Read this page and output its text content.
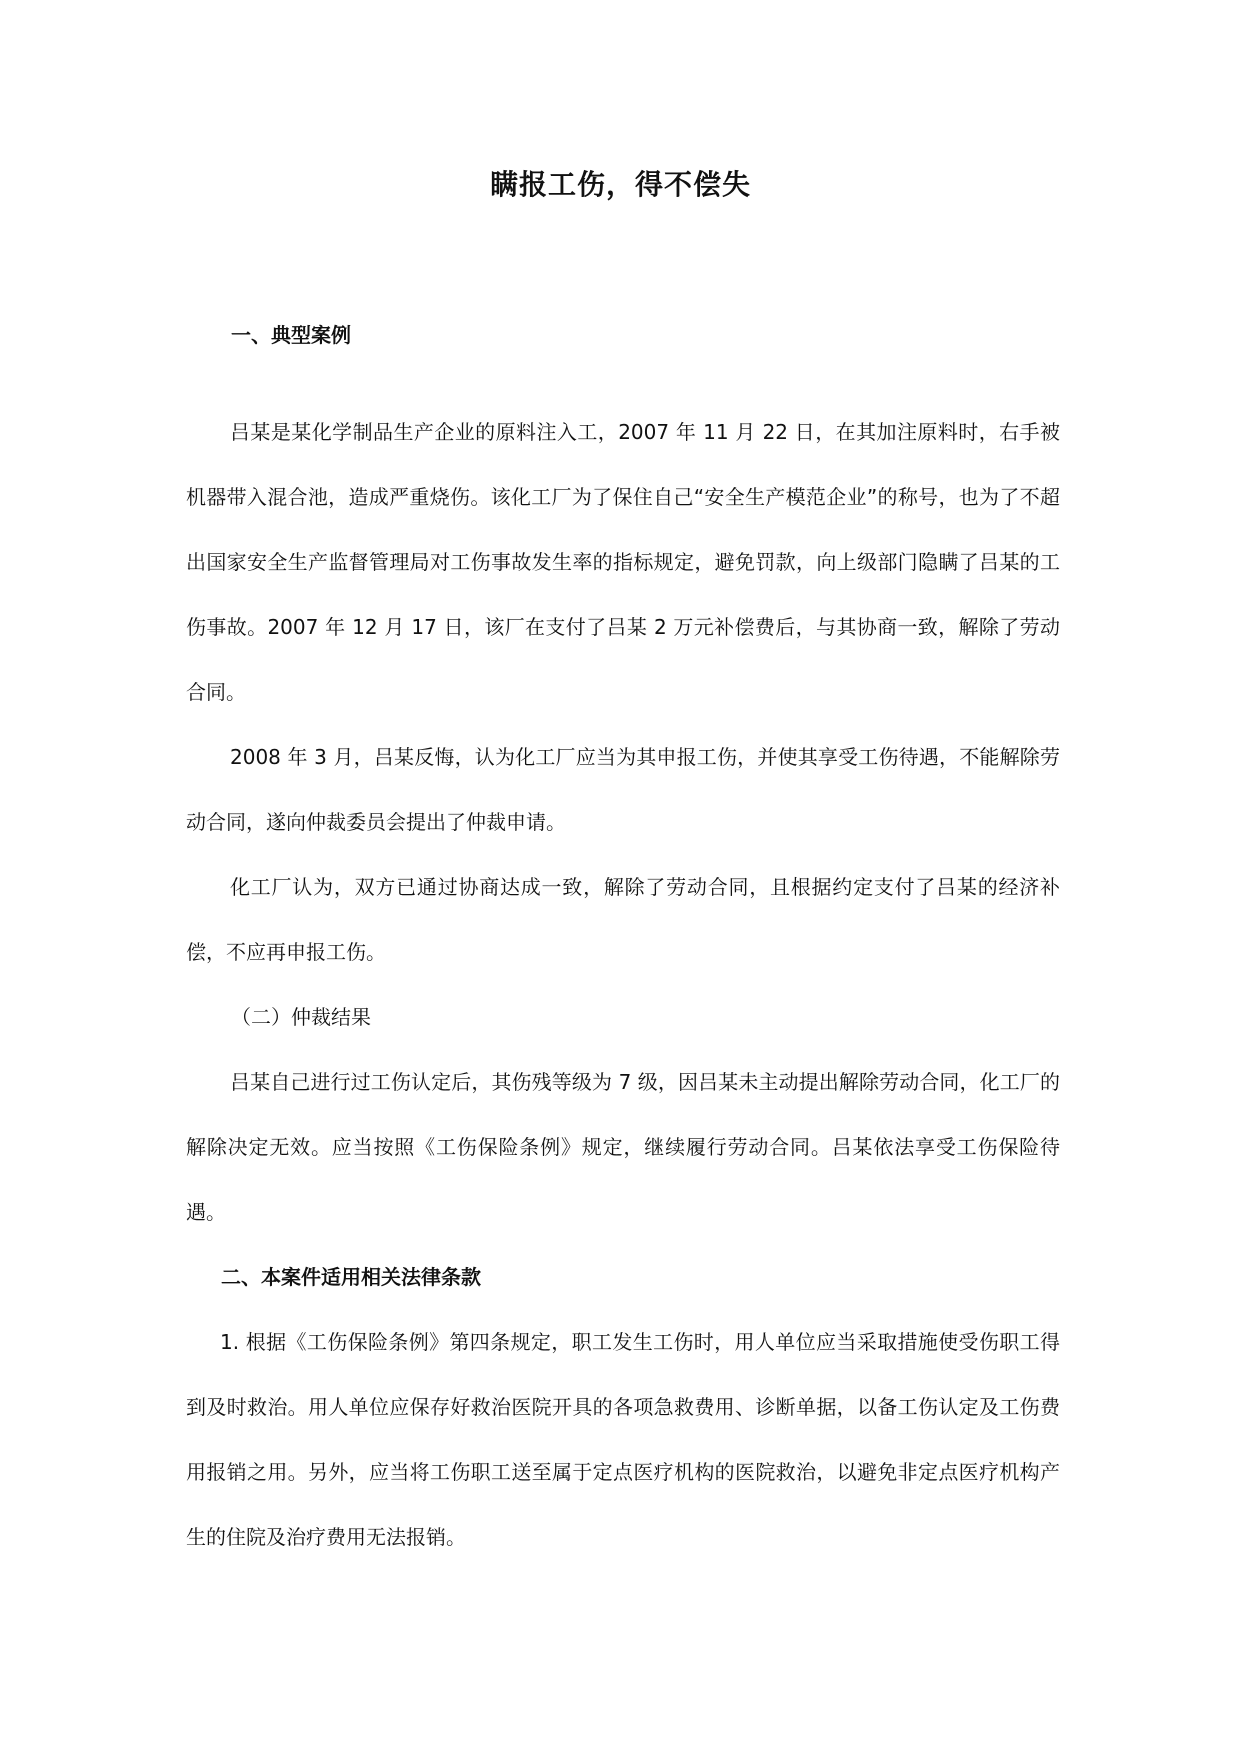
瞒报工伤，得不偿失
一、典型案例

吕某是某化学制品生产企业的原料注入工，2007 年 11 月 22 日，在其加注原料时，右手被机器带入混合池，造成严重烧伤。该化工厂为了保住自己“安全生产模范企业”的称号，也为了不超出国家安全生产监督管理局对工伤事故发生率的指标规定，避免罚款，向上级部门隐瞒了吕某的工伤事故。2007 年 12 月 17 日，该厂在支付了吕某 2 万元补偿费后，与其协商一致，解除了劳动合同。

2008 年 3 月，吕某反悔，认为化工厂应当为其申报工伤，并使其享受工伤待遇，不能解除劳动合同，遂向仲裁委员会提出了仲裁申请。

化工厂认为，双方已通过协商达成一致，解除了劳动合同，且根据约定支付了吕某的经济补偿，不应再申报工伤。

（二）仲裁结果

吕某自己进行过工伤认定后，其伤残等级为 7 级，因吕某未主动提出解除劳动合同，化工厂的解除决定无效。应当按照《工伤保险条例》规定，继续履行劳动合同。吕某依法享受工伤保险待遇。

二、本案件适用相关法律条款

1. 根据《工伤保险条例》第四条规定，职工发生工伤时，用人单位应当采取措施使受伤职工得到及时救治。用人单位应保存好救治医院开具的各项急救费用、诊断单据，以备工伤认定及工伤费用报销之用。另外，应当将工伤职工送至属于定点医疗机构的医院救治，以避免非定点医疗机构产生的住院及治疗费用无法报销。
